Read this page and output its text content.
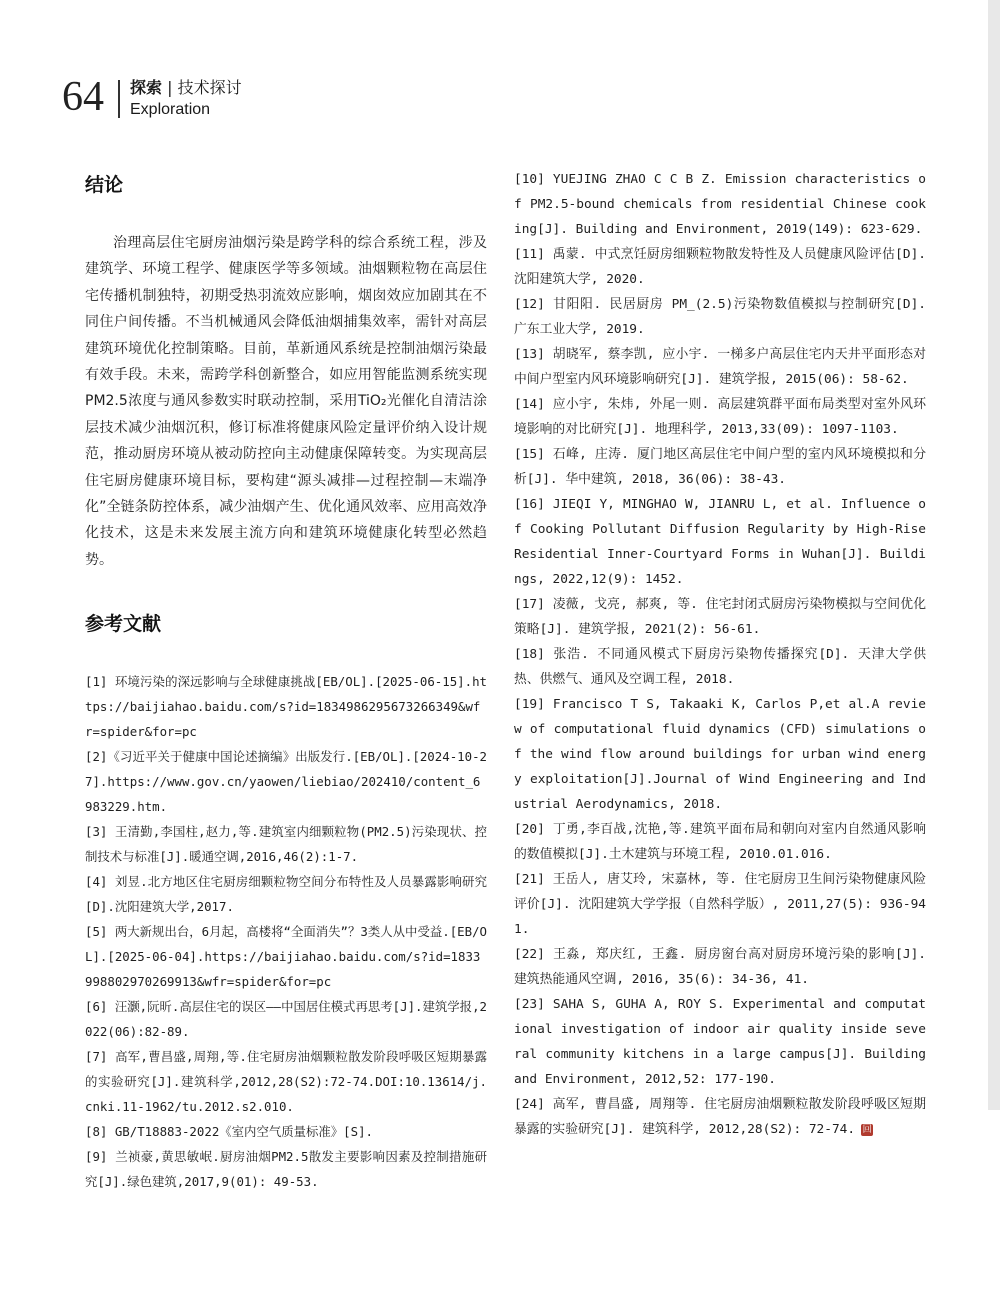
64 探索 | 技术探讨
Exploration
结论

治理高层住宅厨房油烟污染是跨学科的综合系统工程，涉及建筑学、环境工程学、健康医学等多领域。油烟颗粒物在高层住宅传播机制独特，初期受热羽流效应影响，烟囱效应加剧其在不同住户间传播。不当机械通风会降低油烟捕集效率，需针对高层建筑环境优化控制策略。目前，革新通风系统是控制油烟污染最有效手段。未来，需跨学科创新整合，如应用智能监测系统实现PM2.5浓度与通风参数实时联动控制，采用TiO₂光催化自清洁涂层技术减少油烟沉积，修订标准将健康风险定量评价纳入设计规范，推动厨房环境从被动防控向主动健康保障转变。为实现高层住宅厨房健康环境目标，要构建“源头减排—过程控制—末端净化”全链条防控体系，减少油烟产生、优化通风效率、应用高效净化技术，这是未来发展主流方向和建筑环境健康化转型必然趋势。

参考文献

[1] 环境污染的深远影响与全球健康挑战[EB/OL].[2025-06-15].https://baijiahao.baidu.com/s?id=1834986295673266349&wfr=spider&for=pc

[2]《习近平关于健康中国论述摘编》出版发行.[EB/OL].[2024-10-27].https://www.gov.cn/yaowen/liebiao/202410/content_6983229.htm.

[3] 王清勤,李国柱,赵力,等.建筑室内细颗粒物(PM2.5)污染现状、控制技术与标准[J].暖通空调,2016,46(2):1-7.

[4] 刘昱.北方地区住宅厨房细颗粒物空间分布特性及人员暴露影响研究[D].沈阳建筑大学,2017.

[5] 两大新规出台，6月起，高楼将“全面消失”？3类人从中受益.[EB/OL].[2025-06-04].https://baijiahao.baidu.com/s?id=1833998802970269913&wfr=spider&for=pc

[6] 汪灏,阮昕.高层住宅的误区——中国居住模式再思考[J].建筑学报,2022(06):82-89.

[7] 高军,曹昌盛,周翔,等.住宅厨房油烟颗粒散发阶段呼吸区短期暴露的实验研究[J].建筑科学,2012,28(S2):72-74.DOI:10.13614/j.cnki.11-1962/tu.2012.s2.010.

[8] GB/T18883-2022《室内空气质量标准》[S].

[9] 兰祯豪,黄思敏岷.厨房油烟PM2.5散发主要影响因素及控制措施研究[J].绿色建筑,2017,9(01): 49-53.

[10] YUEJING ZHAO C C B Z. Emission characteristics of PM2.5-bound chemicals from residential Chinese cooking[J]. Building and Environment, 2019(149): 623-629.

[11] 禹蒙. 中式烹饪厨房细颗粒物散发特性及人员健康风险评估[D]. 沈阳建筑大学, 2020.

[12] 甘阳阳. 民居厨房 PM_(2.5)污染物数值模拟与控制研究[D]. 广东工业大学, 2019.

[13] 胡晓军, 蔡李凯, 应小宇. 一梯多户高层住宅内天井平面形态对中间户型室内风环境影响研究[J]. 建筑学报, 2015(06): 58-62.

[14] 应小宇, 朱炜, 外尾一则. 高层建筑群平面布局类型对室外风环境影响的对比研究[J]. 地理科学, 2013,33(09): 1097-1103.

[15] 石峰, 庄涛. 厦门地区高层住宅中间户型的室内风环境模拟和分析[J]. 华中建筑, 2018, 36(06): 38-43.

[16] JIEQI Y, MINGHAO W, JIANRU L, et al. Influence of Cooking Pollutant Diffusion Regularity by High-Rise Residential Inner-Courtyard Forms in Wuhan[J]. Buildings, 2022,12(9): 1452.

[17] 凌薇, 戈亮, 郝爽, 等. 住宅封闭式厨房污染物模拟与空间优化策略[J]. 建筑学报, 2021(2): 56-61.

[18] 张浩. 不同通风模式下厨房污染物传播探究[D]. 天津大学供热、供燃气、通风及空调工程, 2018.

[19] Francisco T S, Takaaki K, Carlos P,et al.A review of computational fluid dynamics (CFD) simulations of the wind flow around buildings for urban wind energy exploitation[J].Journal of Wind Engineering and Industrial Aerodynamics, 2018.

[20] 丁勇,李百战,沈艳,等.建筑平面布局和朝向对室内自然通风影响的数值模拟[J].土木建筑与环境工程, 2010.01.016.

[21] 王岳人, 唐艾玲, 宋嘉林, 等. 住宅厨房卫生间污染物健康风险评价[J]. 沈阳建筑大学学报（自然科学版）, 2011,27(5): 936-941.

[22] 王淼, 郑庆红, 王鑫. 厨房窗台高对厨房环境污染的影响[J]. 建筑热能通风空调, 2016, 35(6): 34-36, 41.

[23] SAHA S, GUHA A, ROY S. Experimental and computational investigation of indoor air quality inside several community kitchens in a large campus[J]. Building and Environment, 2012,52: 177-190.

[24] 高军, 曹昌盛, 周翔等. 住宅厨房油烟颗粒散发阶段呼吸区短期暴露的实验研究[J]. 建筑科学, 2012,28(S2): 72-74. 回
